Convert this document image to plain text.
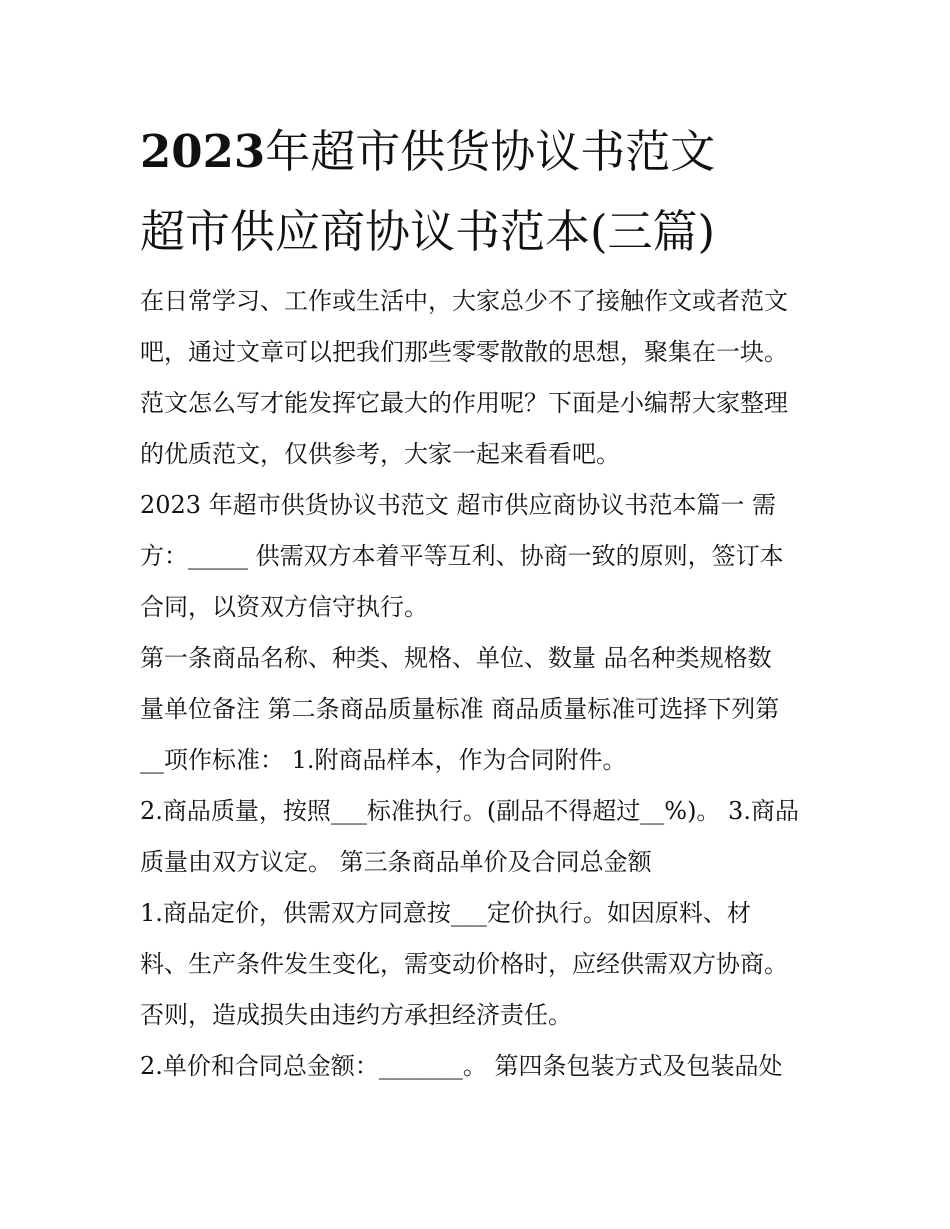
2023年超市供货协议书范文
超市供应商协议书范本(三篇)
在日常学习、工作或生活中，大家总少不了接触作文或者范文
吧，通过文章可以把我们那些零零散散的思想，聚集在一块。
范文怎么写才能发挥它最大的作用呢？下面是小编帮大家整理
的优质范文，仅供参考，大家一起来看看吧。
2023 年超市供货协议书范文 超市供应商协议书范本篇一 需
方：_____ 供需双方本着平等互利、协商一致的原则，签订本
合同，以资双方信守执行。
第一条商品名称、种类、规格、单位、数量 品名种类规格数
量单位备注 第二条商品质量标准 商品质量标准可选择下列第
__项作标准： 1.附商品样本，作为合同附件。
2.商品质量，按照___标准执行。(副品不得超过__%)。 3.商品
质量由双方议定。 第三条商品单价及合同总金额
1.商品定价，供需双方同意按___定价执行。如因原料、材
料、生产条件发生变化，需变动价格时，应经供需双方协商。
否则，造成损失由违约方承担经济责任。
2.单价和合同总金额：_______。 第四条包装方式及包装品处
